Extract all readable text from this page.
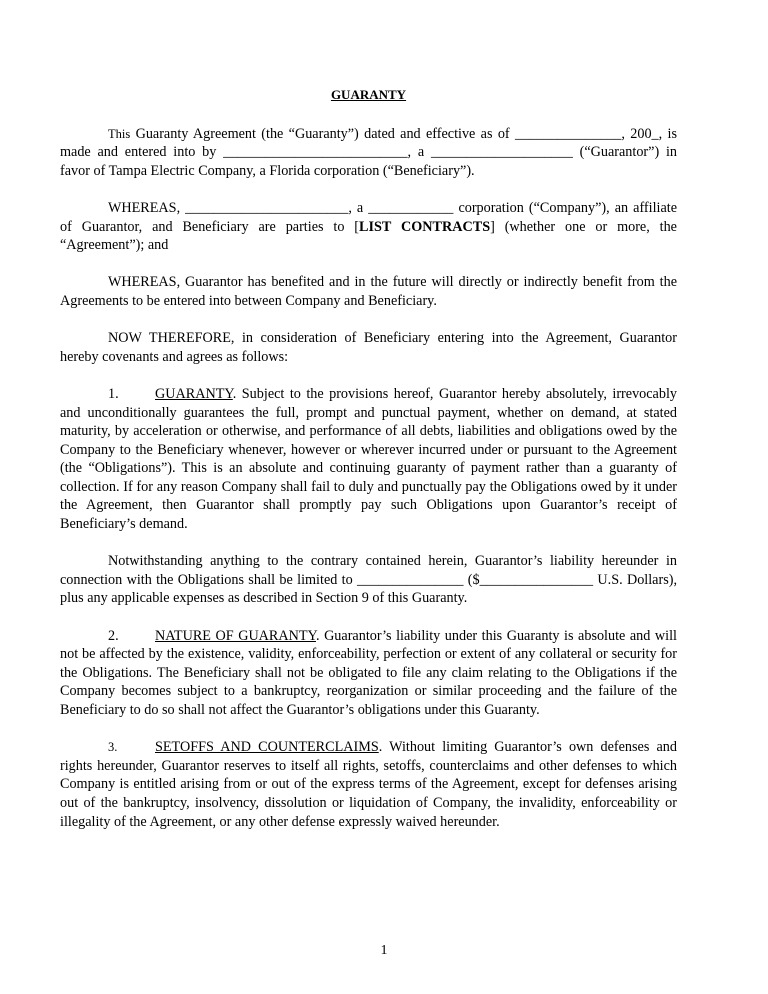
GUARANTY

This Guaranty Agreement (the “Guaranty”) dated and effective as of _______________, 200_, is made and entered into by __________________________, a ____________________ (“Guarantor”) in favor of Tampa Electric Company, a Florida corporation (“Beneficiary”).

WHEREAS, _______________________, a ____________ corporation (“Company”), an affiliate of Guarantor, and Beneficiary are parties to [LIST CONTRACTS] (whether one or more, the “Agreement”); and

WHEREAS, Guarantor has benefited and in the future will directly or indirectly benefit from the Agreements to be entered into between Company and Beneficiary.

NOW THEREFORE, in consideration of Beneficiary entering into the Agreement, Guarantor hereby covenants and agrees as follows:

1.	GUARANTY. Subject to the provisions hereof, Guarantor hereby absolutely, irrevocably and unconditionally guarantees the full, prompt and punctual payment, whether on demand, at stated maturity, by acceleration or otherwise, and performance of all debts, liabilities and obligations owed by the Company to the Beneficiary whenever, however or wherever incurred under or pursuant to the Agreement (the “Obligations”). This is an absolute and continuing guaranty of payment rather than a guaranty of collection. If for any reason Company shall fail to duly and punctually pay the Obligations owed by it under the Agreement, then Guarantor shall promptly pay such Obligations upon Guarantor’s receipt of Beneficiary’s demand.

Notwithstanding anything to the contrary contained herein, Guarantor’s liability hereunder in connection with the Obligations shall be limited to _______________ ($________________ U.S. Dollars), plus any applicable expenses as described in Section 9 of this Guaranty.

2.	NATURE OF GUARANTY. Guarantor’s liability under this Guaranty is absolute and will not be affected by the existence, validity, enforceability, perfection or extent of any collateral or security for the Obligations. The Beneficiary shall not be obligated to file any claim relating to the Obligations if the Company becomes subject to a bankruptcy, reorganization or similar proceeding and the failure of the Beneficiary to do so shall not affect the Guarantor’s obligations under this Guaranty.

3.	SETOFFS AND COUNTERCLAIMS. Without limiting Guarantor’s own defenses and rights hereunder, Guarantor reserves to itself all rights, setoffs, counterclaims and other defenses to which Company is entitled arising from or out of the express terms of the Agreement, except for defenses arising out of the bankruptcy, insolvency, dissolution or liquidation of Company, the invalidity, enforceability or illegality of the Agreement, or any other defense expressly waived hereunder.

1
